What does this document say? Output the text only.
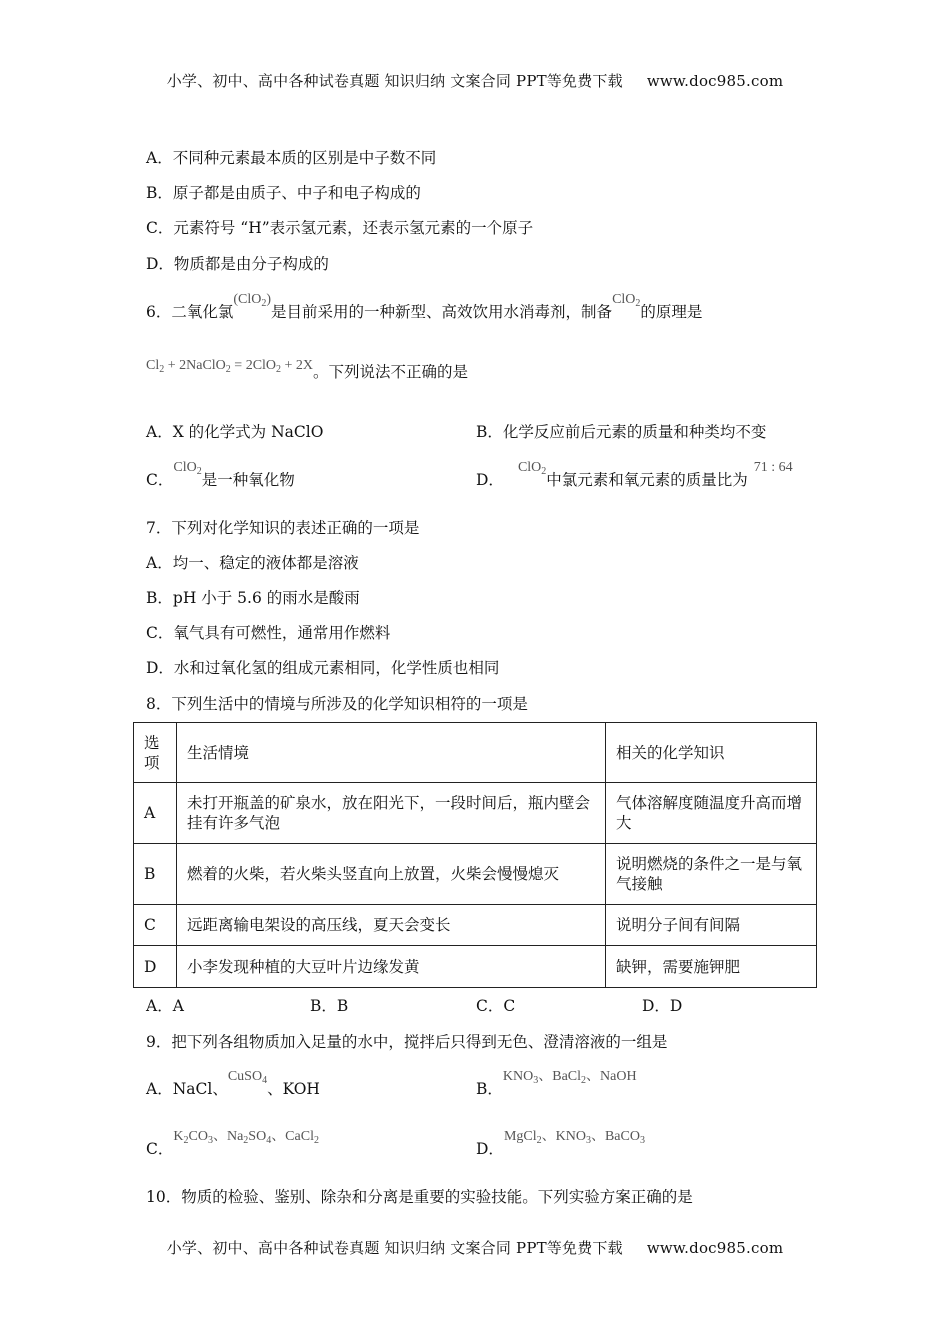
小学、初中、高中各种试卷真题 知识归纳 文案合同 PPT等免费下载 www.doc985.com
A．不同种元素最本质的区别是中子数不同
B．原子都是由质子、中子和电子构成的
C．元素符号 “H”表示氢元素，还表示氢元素的一个原子
D．物质都是由分子构成的
6．二氧化氯(ClO$_2$)是目前采用的一种新型、高效饮用水消毒剂，制备ClO$_2$的原理是
$Cl_2$ + 2NaClO$_2$ = 2ClO$_2$ + 2X。下列说法不正确的是
A．X 的化学式为 NaClO	B．化学反应前后元素的质量和种类均不变
C．ClO$_2$是一种氧化物	D．ClO$_2$中氯元素和氧元素的质量比为71 : 64
7．下列对化学知识的表述正确的一项是
A．均一、稳定的液体都是溶液
B．pH 小于 5.6 的雨水是酸雨
C．氧气具有可燃性，通常用作燃料
D．水和过氧化氢的组成元素相同，化学性质也相同
8．下列生活中的情境与所涉及的化学知识相符的一项是
选项	生活情境	相关的化学知识
A	未打开瓶盖的矿泉水，放在阳光下，一段时间后，瓶内壁会挂有许多气泡	气体溶解度随温度升高而增大
B	燃着的火柴，若火柴头竖直向上放置，火柴会慢慢熄灭	说明燃烧的条件之一是与氧气接触
C	远距离输电架设的高压线，夏天会变长	说明分子间有间隔
D	小李发现种植的大豆叶片边缘发黄	缺钾，需要施钾肥
A．A	B．B	C．C	D．D
9．把下列各组物质加入足量的水中，搅拌后只得到无色、澄清溶液的一组是
A．NaCl、CuSO$_4$、KOH	B．$KNO_3$、BaCl$_2$、NaOH
C．$K_2CO_3$、$Na_2SO_4$、CaCl$_2$	D．MgCl$_2$、$KNO_3$、BaCO$_3$
10．物质的检验、鉴别、除杂和分离是重要的实验技能。下列实验方案正确的是
小学、初中、高中各种试卷真题 知识归纳 文案合同 PPT等免费下载 www.doc985.com
